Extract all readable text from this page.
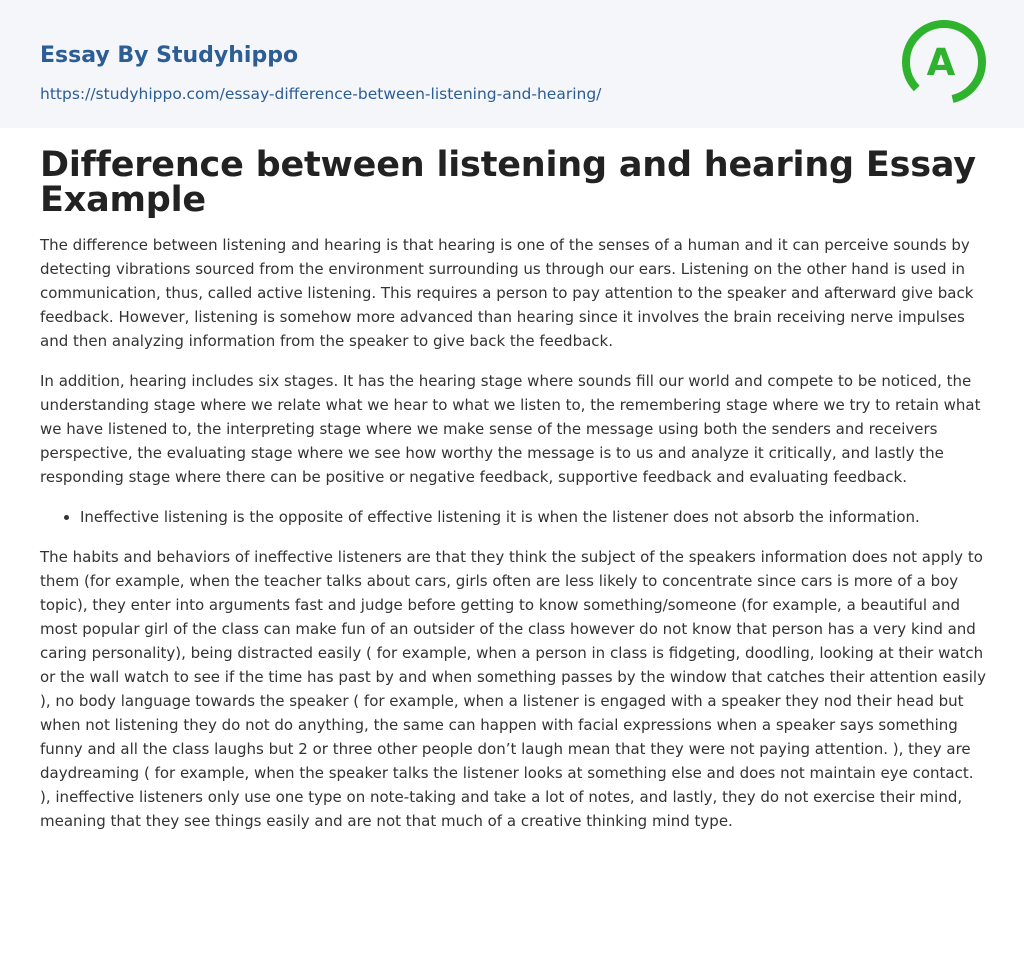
Essay By Studyhippo
https://studyhippo.com/essay-difference-between-listening-and-hearing/
A
Difference between listening and hearing Essay Example

The difference between listening and hearing is that hearing is one of the senses of a human and it can perceive sounds by detecting vibrations sourced from the environment surrounding us through our ears. Listening on the other hand is used in communication, thus, called active listening. This requires a person to pay attention to the speaker and afterward give back feedback. However, listening is somehow more advanced than hearing since it involves the brain receiving nerve impulses and then analyzing information from the speaker to give back the feedback.

In addition, hearing includes six stages. It has the hearing stage where sounds fill our world and compete to be noticed, the understanding stage where we relate what we hear to what we listen to, the remembering stage where we try to retain what we have listened to, the interpreting stage where we make sense of the message using both the senders and receivers perspective, the evaluating stage where we see how worthy the message is to us and analyze it critically, and lastly the responding stage where there can be positive or negative feedback, supportive feedback and evaluating feedback.

• Ineffective listening is the opposite of effective listening it is when the listener does not absorb the information.

The habits and behaviors of ineffective listeners are that they think the subject of the speakers information does not apply to them (for example, when the teacher talks about cars, girls often are less likely to concentrate since cars is more of a boy topic), they enter into arguments fast and judge before getting to know something/someone (for example, a beautiful and most popular girl of the class can make fun of an outsider of the class however do not know that person has a very kind and caring personality), being distracted easily ( for example, when a person in class is fidgeting, doodling, looking at their watch or the wall watch to see if the time has past by and when something passes by the window that catches their attention easily ), no body language towards the speaker ( for example, when a listener is engaged with a speaker they nod their head but when not listening they do not do anything, the same can happen with facial expressions when a speaker says something funny and all the class laughs but 2 or three other people don’t laugh mean that they were not paying attention. ), they are daydreaming ( for example, when the speaker talks the listener looks at something else and does not maintain eye contact. ), ineffective listeners only use one type on note-taking and take a lot of notes, and lastly, they do not exercise their mind, meaning that they see things easily and are not that much of a creative thinking mind type.
